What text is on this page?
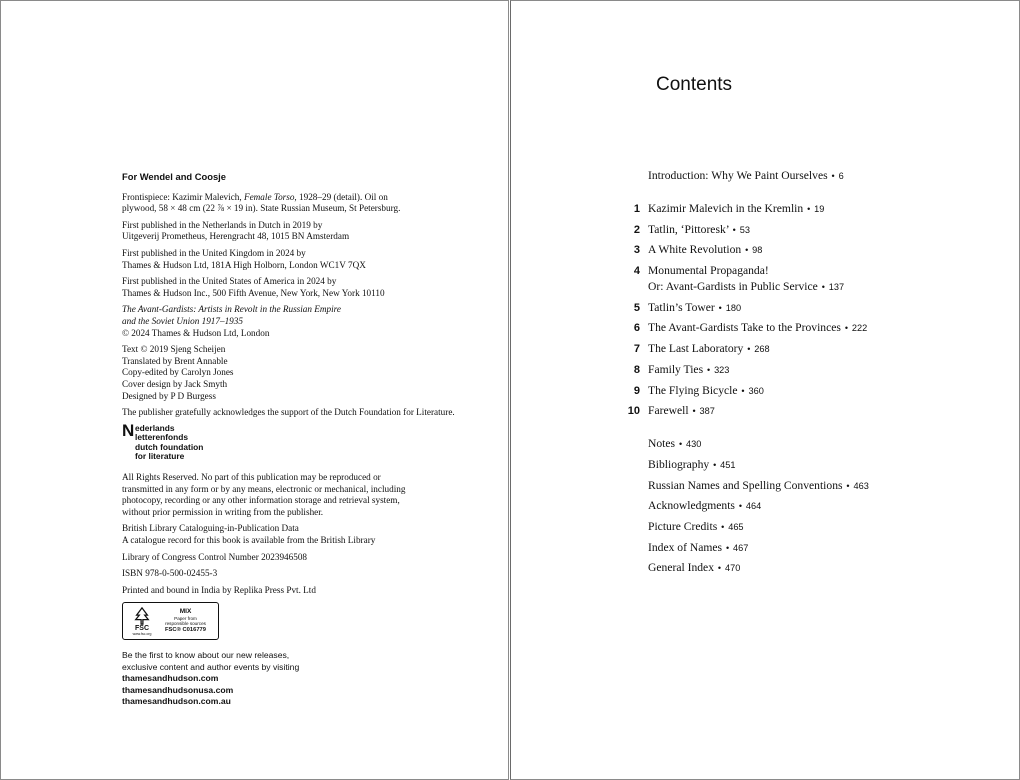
For Wendel and Coosje
Frontispiece: Kazimir Malevich, Female Torso, 1928–29 (detail). Oil on
plywood, 58 × 48 cm (22 ⅞ × 19 in). State Russian Museum, St Petersburg.
First published in the Netherlands in Dutch in 2019 by
Uitgeverij Prometheus, Herengracht 48, 1015 BN Amsterdam
First published in the United Kingdom in 2024 by
Thames & Hudson Ltd, 181A High Holborn, London WC1V 7QX
First published in the United States of America in 2024 by
Thames & Hudson Inc., 500 Fifth Avenue, New York, New York 10110
The Avant-Gardists: Artists in Revolt in the Russian Empire
and the Soviet Union 1917–1935
© 2024 Thames & Hudson Ltd, London
Text © 2019 Sjeng Scheijen
Translated by Brent Annable
Copy-edited by Carolyn Jones
Cover design by Jack Smyth
Designed by P D Burgess
The publisher gratefully acknowledges the support of the Dutch Foundation for Literature.
N ederlands
letterenfonds
dutch foundation
for literature
All Rights Reserved. No part of this publication may be reproduced or
transmitted in any form or by any means, electronic or mechanical, including
photocopy, recording or any other information storage and retrieval system,
without prior permission in writing from the publisher.
British Library Cataloguing-in-Publication Data
A catalogue record for this book is available from the British Library
Library of Congress Control Number 2023946508
ISBN 978-0-500-02455-3
Printed and bound in India by Replika Press Pvt. Ltd
FSC
www.fsc.org
MIX
Paper from
responsible sources
FSC® C016779
Be the first to know about our new releases,
exclusive content and author events by visiting
thamesandhudson.com
thamesandhudsonusa.com
thamesandhudson.com.au
Contents
Introduction: Why We Paint Ourselves • 6
1 Kazimir Malevich in the Kremlin • 19
2 Tatlin, ‘Pittoresk’ • 53
3 A White Revolution • 98
4 Monumental Propaganda!
Or: Avant-Gardists in Public Service • 137
5 Tatlin’s Tower • 180
6 The Avant-Gardists Take to the Provinces • 222
7 The Last Laboratory • 268
8 Family Ties • 323
9 The Flying Bicycle • 360
10 Farewell • 387
Notes • 430
Bibliography • 451
Russian Names and Spelling Conventions • 463
Acknowledgments • 464
Picture Credits • 465
Index of Names • 467
General Index • 470
